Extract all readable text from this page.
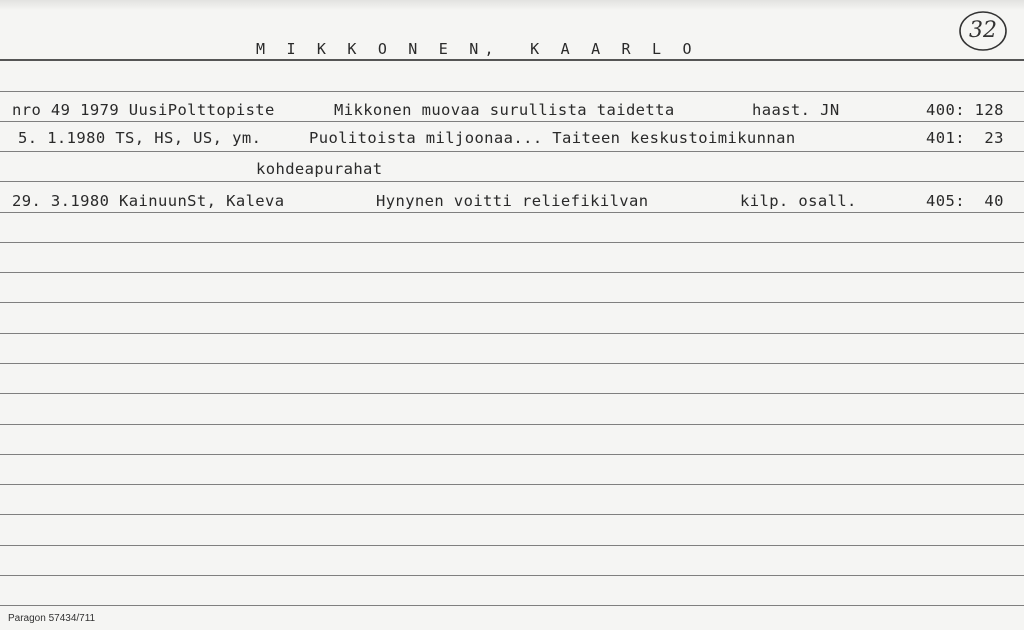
M I K K O N E N,  K A A R L O
32
nro 49 1979 UusiPolttopiste	Mikkonen muovaa surullista taidetta	haast. JN	400: 128
5. 1.1980 TS, HS, US, ym.	Puolitoista miljoonaa... Taiteen keskustoimikunnan	401:  23
kohdeapurahat
29. 3.1980 KainuunSt, Kaleva	Hynynen voitti reliefikilvan	kilp. osall.	405:  40
Paragon 57434/711
